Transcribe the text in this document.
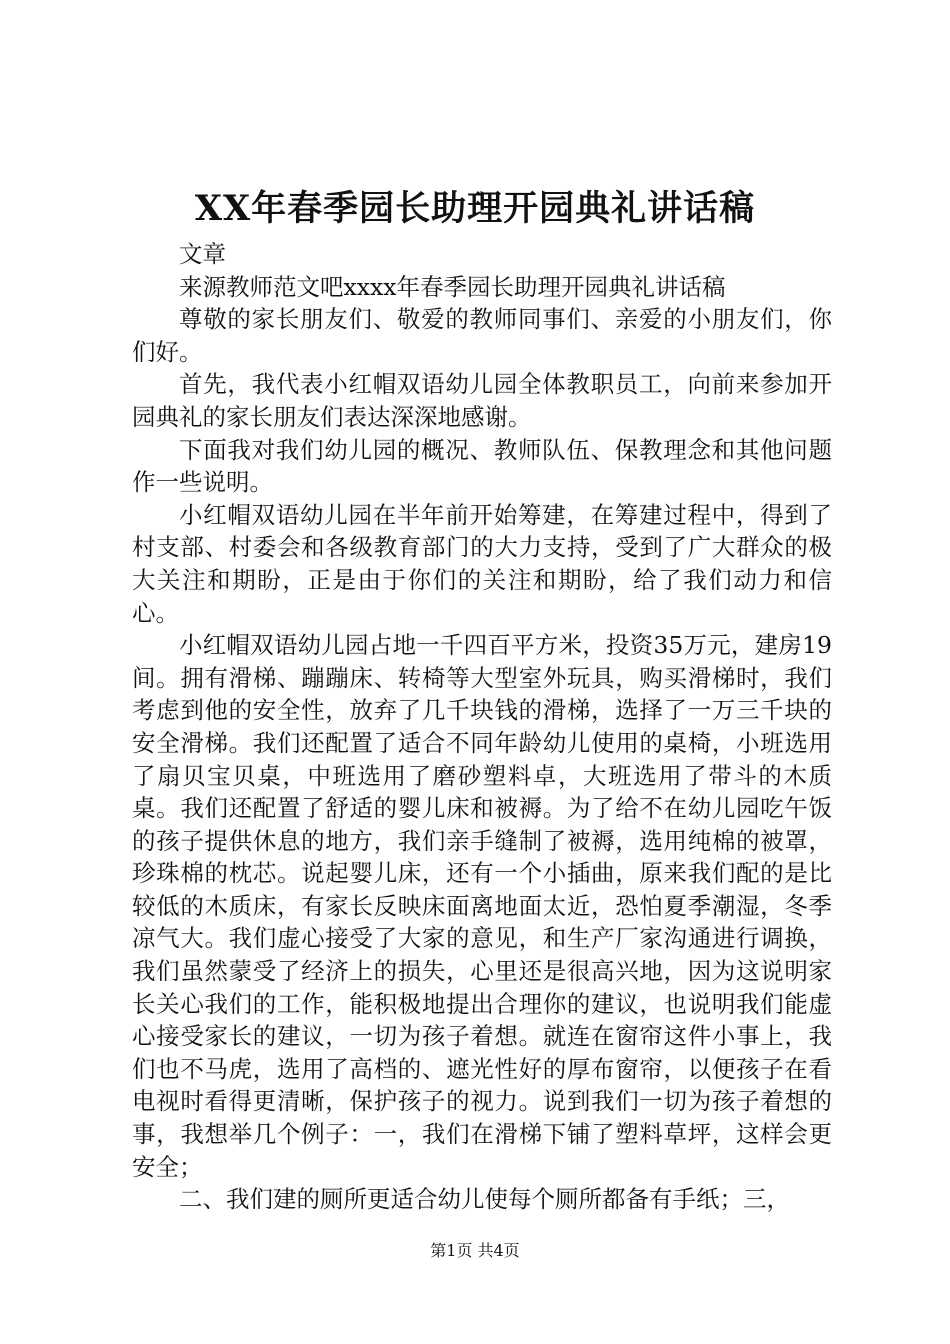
XX年春季园长助理开园典礼讲话稿

文章

来源教师范文吧xxxx年春季园长助理开园典礼讲话稿

尊敬的家长朋友们、敬爱的教师同事们、亲爱的小朋友们，你们好。

首先，我代表小红帽双语幼儿园全体教职员工，向前来参加开园典礼的家长朋友们表达深深地感谢。

下面我对我们幼儿园的概况、教师队伍、保教理念和其他问题作一些说明。

小红帽双语幼儿园在半年前开始筹建，在筹建过程中，得到了村支部、村委会和各级教育部门的大力支持，受到了广大群众的极大关注和期盼，正是由于你们的关注和期盼，给了我们动力和信心。

小红帽双语幼儿园占地一千四百平方米，投资35万元，建房19间。拥有滑梯、蹦蹦床、转椅等大型室外玩具，购买滑梯时，我们考虑到他的安全性，放弃了几千块钱的滑梯，选择了一万三千块的安全滑梯。我们还配置了适合不同年龄幼儿使用的桌椅，小班选用了扇贝宝贝桌，中班选用了磨砂塑料卓，大班选用了带斗的木质桌。我们还配置了舒适的婴儿床和被褥。为了给不在幼儿园吃午饭的孩子提供休息的地方，我们亲手缝制了被褥，选用纯棉的被罩，珍珠棉的枕芯。说起婴儿床，还有一个小插曲，原来我们配的是比较低的木质床，有家长反映床面离地面太近，恐怕夏季潮湿，冬季凉气大。我们虚心接受了大家的意见，和生产厂家沟通进行调换，我们虽然蒙受了经济上的损失，心里还是很高兴地，因为这说明家长关心我们的工作，能积极地提出合理你的建议，也说明我们能虚心接受家长的建议，一切为孩子着想。就连在窗帘这件小事上，我们也不马虎，选用了高档的、遮光性好的厚布窗帘，以便孩子在看电视时看得更清晰，保护孩子的视力。说到我们一切为孩子着想的事，我想举几个例子：一，我们在滑梯下铺了塑料草坪，这样会更安全；

二、我们建的厕所更适合幼儿使每个厕所都备有手纸；三，

第1页 共4页
